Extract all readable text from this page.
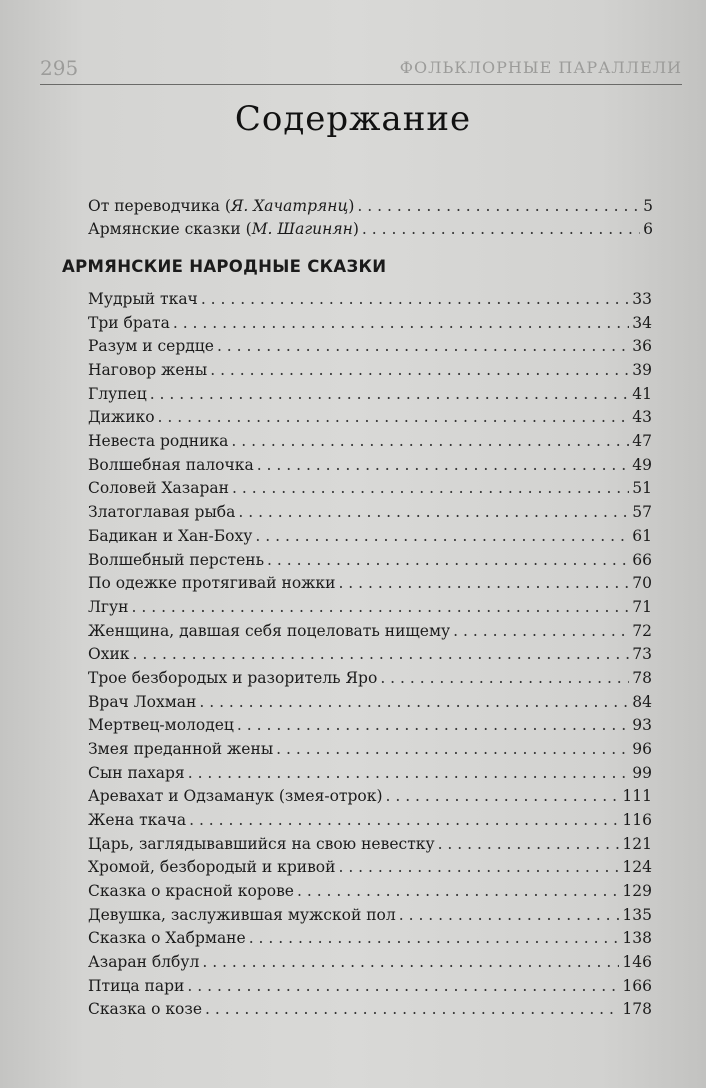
295	ФОЛЬКЛОРНЫЕ ПАРАЛЛЕЛИ
Содержание
От переводчика (Я. Хачатрянц) . . .	5
Армянские сказки (М. Шагинян) . . .	6
АРМЯНСКИЕ НАРОДНЫЕ СКАЗКИ
Мудрый ткач . . .	33
Три брата . . .	34
Разум и сердце . . .	36
Наговор жены . . .	39
Глупец . . .	41
Дижико . . .	43
Невеста родника . . .	47
Волшебная палочка . . .	49
Соловей Хазаран . . .	51
Златоглавая рыба . . .	57
Бадикан и Хан-Боху . . .	61
Волшебный перстень . . .	66
По одежке протягивай ножки . . .	70
Лгун . . .	71
Женщина, давшая себя поцеловать нищему . . .	72
Охик . . .	73
Трое безбородых и разоритель Яро . . .	78
Врач Лохман . . .	84
Мертвец-молодец . . .	93
Змея преданной жены . . .	96
Сын пахаря . . .	99
Аревахат и Одзаманук (змея-отрок) . . .	111
Жена ткача . . .	116
Царь, заглядывавшийся на свою невестку . . .	121
Хромой, безбородый и кривой . . .	124
Сказка о красной корове . . .	129
Девушка, заслужившая мужской пол . . .	135
Сказка о Хабрмане . . .	138
Азаран блбул . . .	146
Птица пари . . .	166
Сказка о козе . . .	178
